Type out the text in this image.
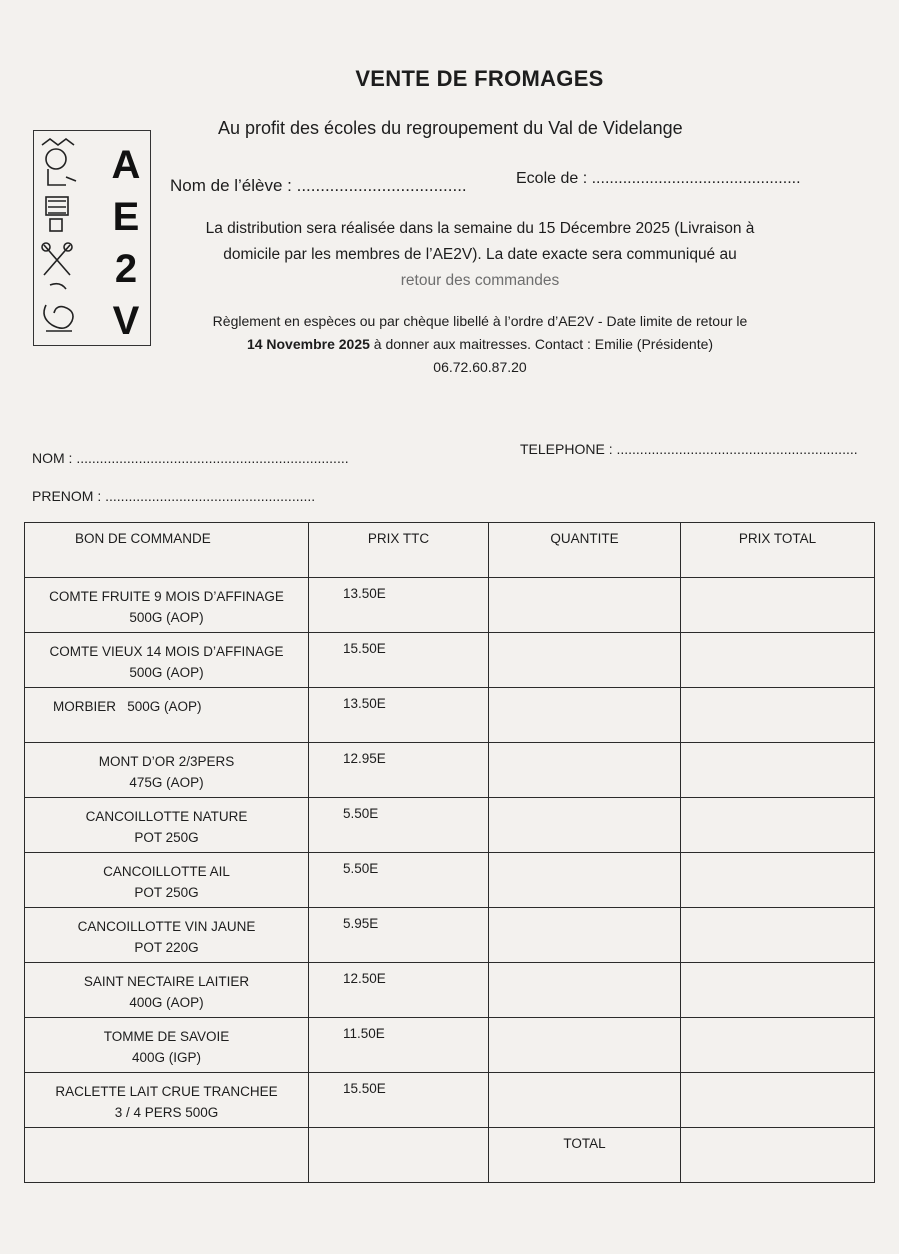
VENTE DE FROMAGES
A
E
2
V
Au profit des écoles du regroupement du Val de Videlange
Nom de l’élève : ....................................	Ecole de : ...............................................
La distribution sera réalisée dans la semaine du 15 Décembre 2025 (Livraison à
domicile par les membres de l’AE2V). La date exacte sera communiqué au
retour des commandes
Règlement en espèces ou par chèque libellé à l’ordre d’AE2V - Date limite de retour le
14 Novembre 2025 à donner aux maitresses. Contact : Emilie (Présidente)
06.72.60.87.20
NOM : ......................................................................
TELEPHONE : ..............................................................
PRENOM : ......................................................
BON DE COMMANDE	PRIX TTC	QUANTITE	PRIX TOTAL

COMTE FRUITE 9 MOIS D’AFFINAGE
500G (AOP)	13.50E		

COMTE VIEUX 14 MOIS D’AFFINAGE
500G (AOP)	15.50E		

MORBIER   500G (AOP)	13.50E		

MONT D’OR 2/3PERS
475G (AOP)	12.95E		

CANCOILLOTTE NATURE
POT 250G	5.50E		

CANCOILLOTTE AIL
POT 250G	5.50E		

CANCOILLOTTE VIN JAUNE
POT 220G	5.95E		

SAINT NECTAIRE LAITIER
400G (AOP)	12.50E		

TOMME DE SAVOIE
400G (IGP)	11.50E		

RACLETTE LAIT CRUE TRANCHEE
3 / 4 PERS 500G	15.50E		
		TOTAL	
